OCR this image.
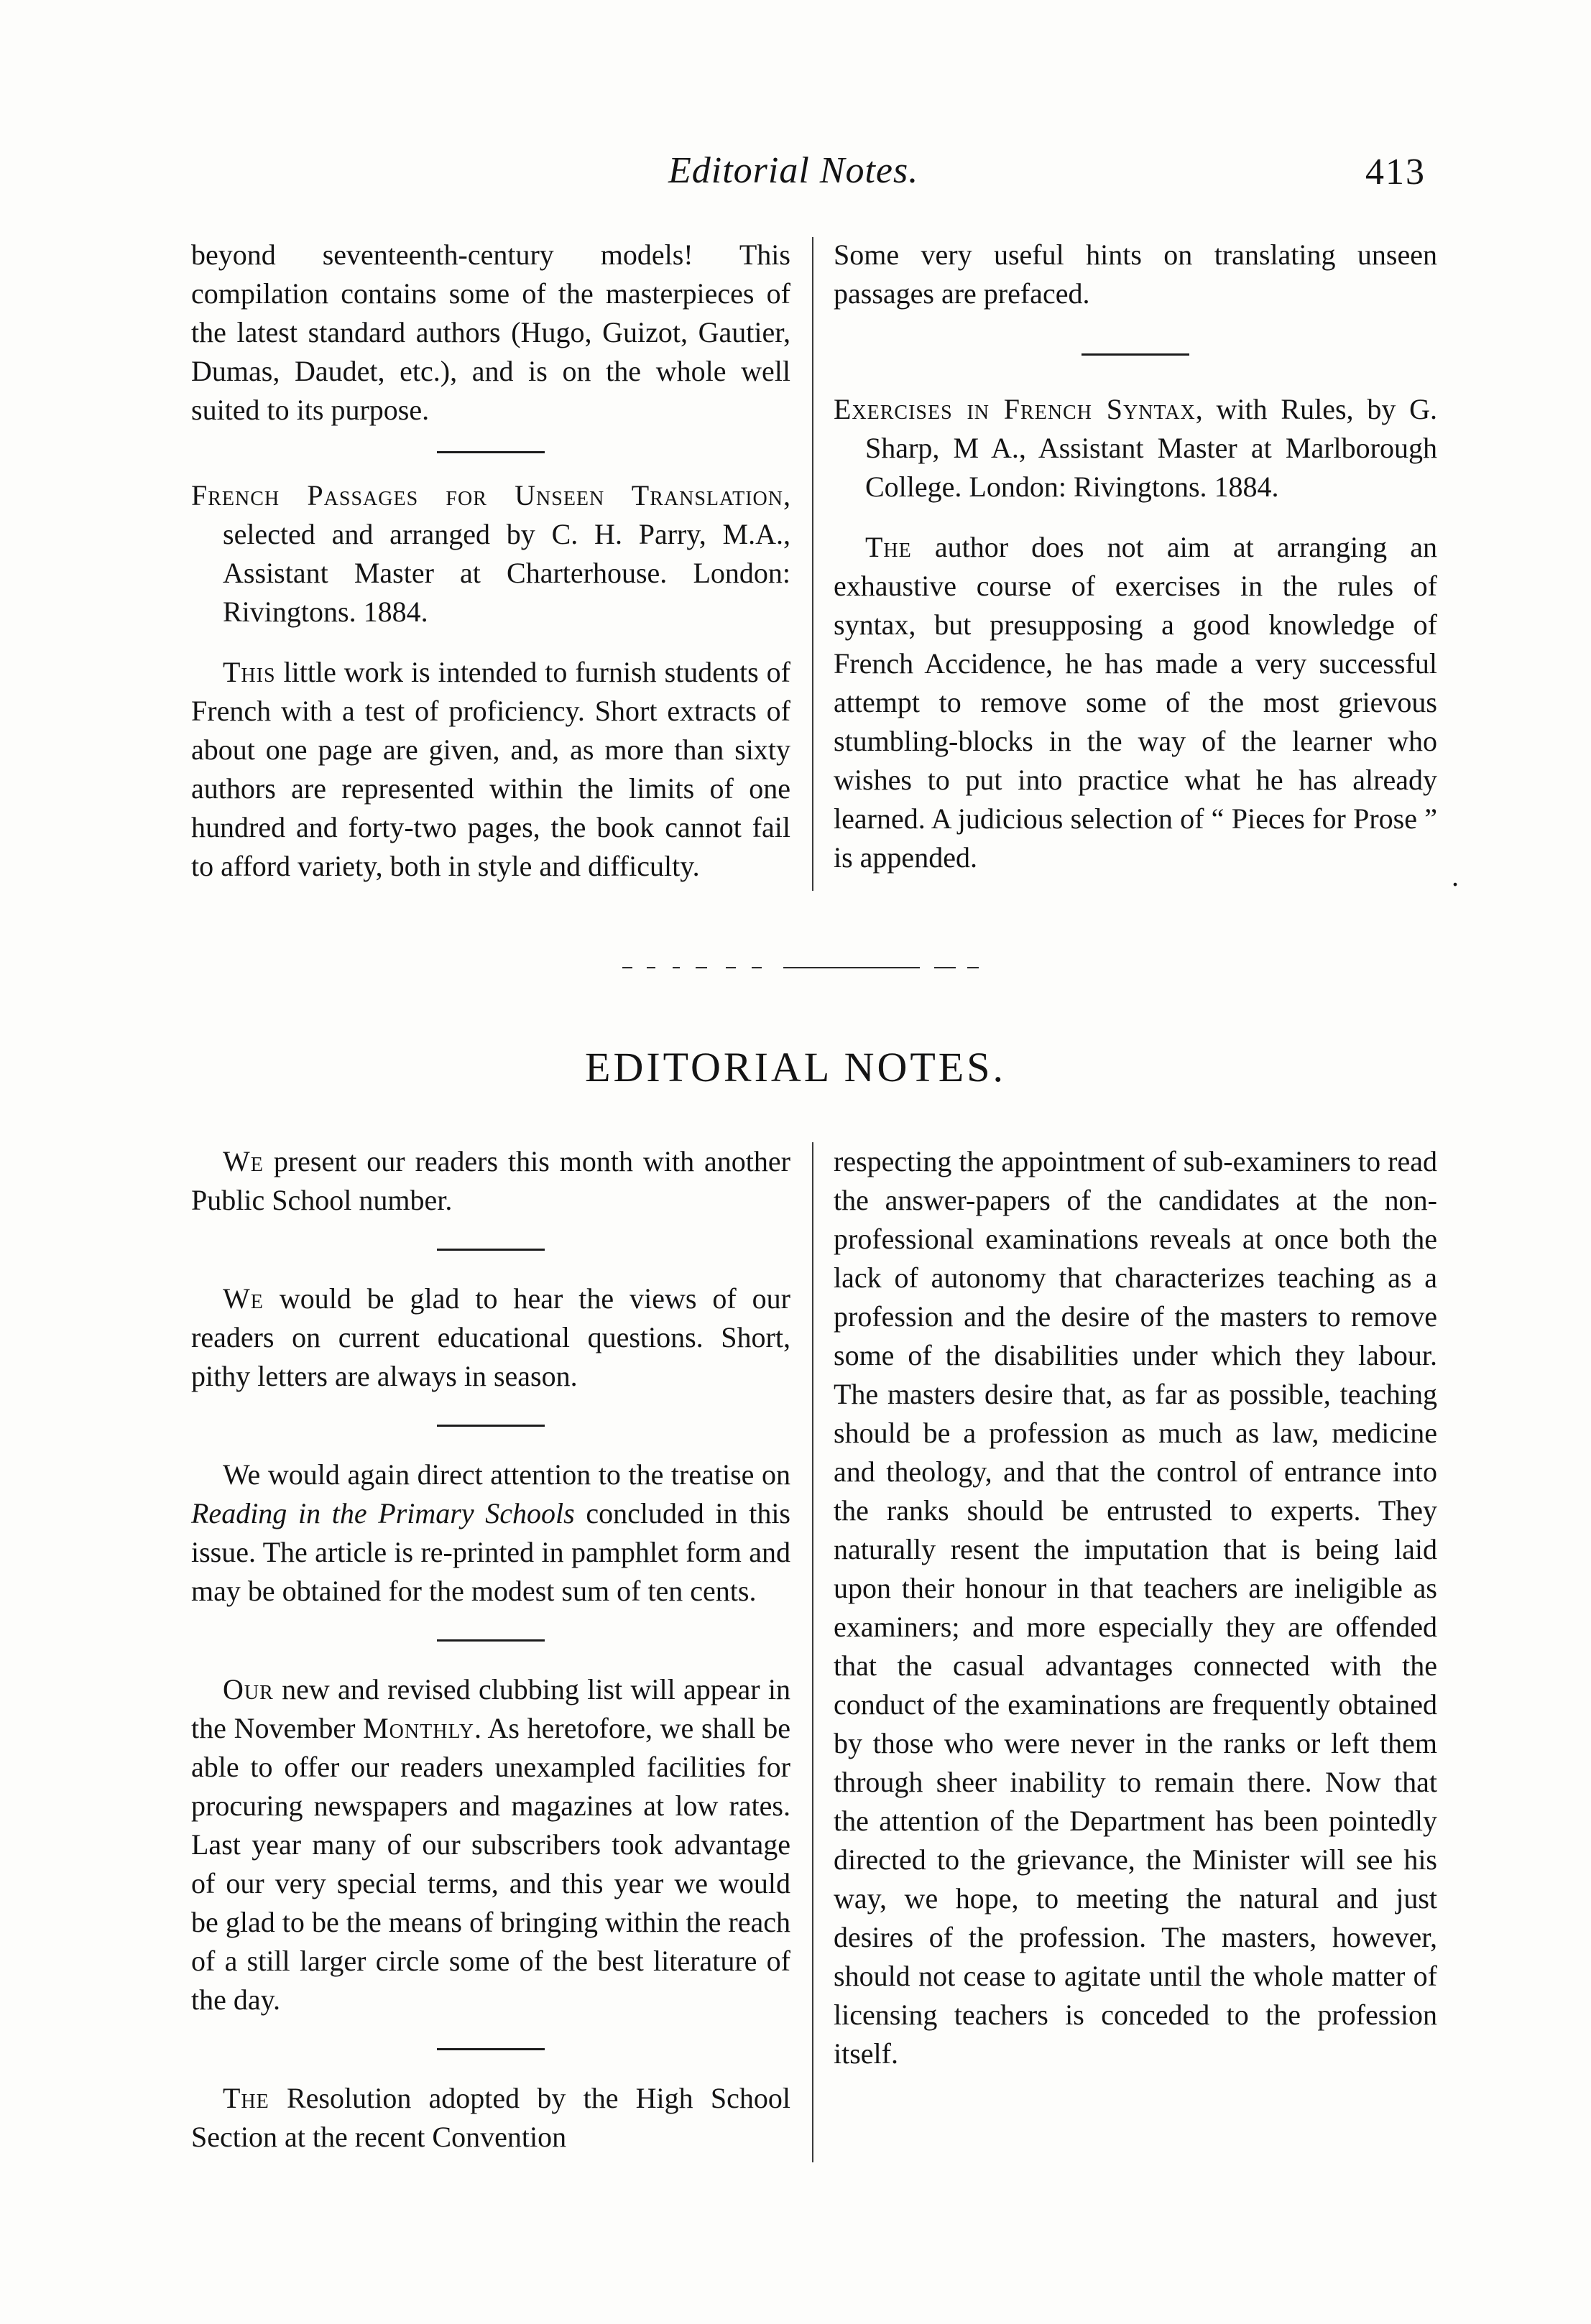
Editorial Notes.	413

beyond seventeenth-century models! This compilation contains some of the masterpieces of the latest standard authors (Hugo, Guizot, Gautier, Dumas, Daudet, etc.), and is on the whole well suited to its purpose.

French Passages for Unseen Translation, selected and arranged by C. H. Parry, M.A., Assistant Master at Charterhouse. London: Rivingtons. 1884.

This little work is intended to furnish students of French with a test of proficiency. Short extracts of about one page are given, and, as more than sixty authors are represented within the limits of one hundred and forty-two pages, the book cannot fail to afford variety, both in style and difficulty.

Some very useful hints on translating unseen passages are prefaced.

Exercises in French Syntax, with Rules, by G. Sharp, M A., Assistant Master at Marlborough College. London: Rivingtons. 1884.

The author does not aim at arranging an exhaustive course of exercises in the rules of syntax, but presupposing a good knowledge of French Accidence, he has made a very successful attempt to remove some of the most grievous stumbling-blocks in the way of the learner who wishes to put into practice what he has already learned. A judicious selection of “ Pieces for Prose ” is appended.

.
EDITORIAL NOTES.

We present our readers this month with another Public School number.

We would be glad to hear the views of our readers on current educational questions. Short, pithy letters are always in season.

We would again direct attention to the treatise on Reading in the Primary Schools concluded in this issue. The article is re-printed in pamphlet form and may be obtained for the modest sum of ten cents.

Our new and revised clubbing list will appear in the November Monthly. As heretofore, we shall be able to offer our readers unexampled facilities for procuring newspapers and magazines at low rates. Last year many of our subscribers took advantage of our very special terms, and this year we would be glad to be the means of bringing within the reach of a still larger circle some of the best literature of the day.

The Resolution adopted by the High School Section at the recent Convention

respecting the appointment of sub-examiners to read the answer-papers of the candidates at the non-professional examinations reveals at once both the lack of autonomy that characterizes teaching as a profession and the desire of the masters to remove some of the disabilities under which they labour. The masters desire that, as far as possible, teaching should be a profession as much as law, medicine and theology, and that the control of entrance into the ranks should be entrusted to experts. They naturally resent the imputation that is being laid upon their honour in that teachers are ineligible as examiners; and more especially they are offended that the casual advantages connected with the conduct of the examinations are frequently obtained by those who were never in the ranks or left them through sheer inability to remain there. Now that the attention of the Department has been pointedly directed to the grievance, the Minister will see his way, we hope, to meeting the natural and just desires of the profession. The masters, however, should not cease to agitate until the whole matter of licensing teachers is conceded to the profession itself.
